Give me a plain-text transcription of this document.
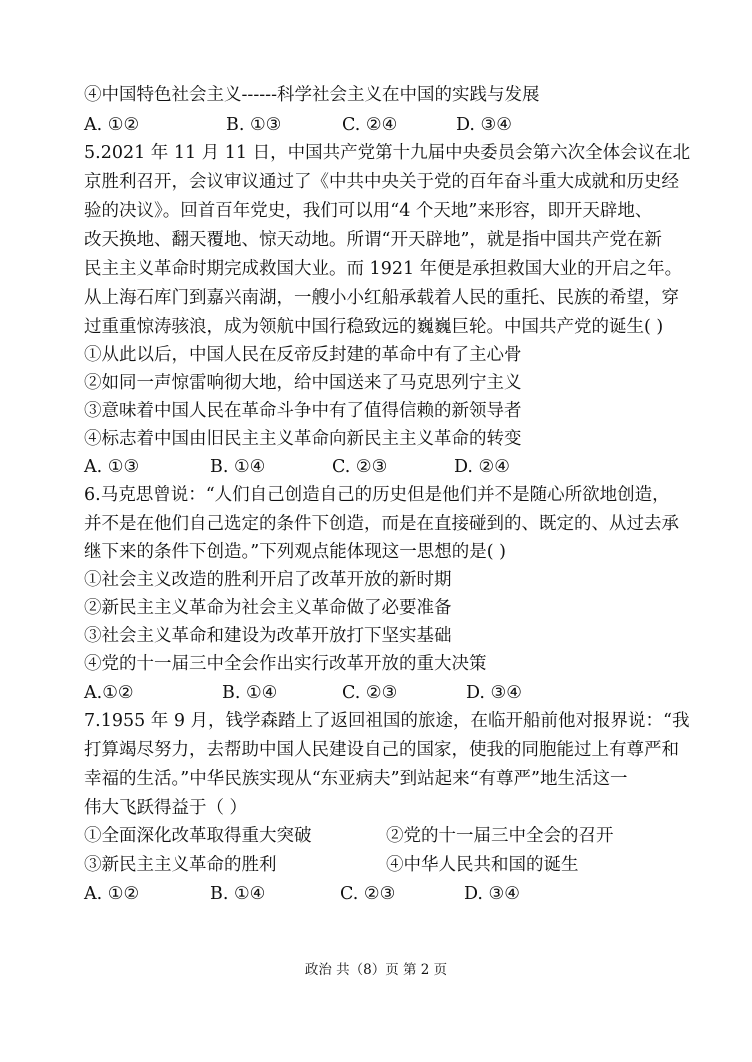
④中国特色社会主义------科学社会主义在中国的实践与发展
A. ①②	B. ①③	C. ②④	D. ③④
5.2021 年 11 月 11 日，中国共产党第十九届中央委员会第六次全体会议在北
京胜利召开，会议审议通过了《中共中央关于党的百年奋斗重大成就和历史经
验的决议》。回首百年党史，我们可以用“4 个天地”来形容，即开天辟地、
改天换地、翻天覆地、惊天动地。所谓“开天辟地”，就是指中国共产党在新
民主主义革命时期完成救国大业。而 1921 年便是承担救国大业的开启之年。
从上海石库门到嘉兴南湖，一艘小小红船承载着人民的重托、民族的希望，穿
过重重惊涛骇浪，成为领航中国行稳致远的巍巍巨轮。中国共产党的诞生( )
①从此以后，中国人民在反帝反封建的革命中有了主心骨
②如同一声惊雷响彻大地，给中国送来了马克思列宁主义
③意味着中国人民在革命斗争中有了值得信赖的新领导者
④标志着中国由旧民主主义革命向新民主主义革命的转变
A. ①③	B. ①④	C. ②③	D. ②④
6.马克思曾说：“人们自己创造自己的历史但是他们并不是随心所欲地创造，
并不是在他们自己选定的条件下创造，而是在直接碰到的、既定的、从过去承
继下来的条件下创造。”下列观点能体现这一思想的是( )
①社会主义改造的胜利开启了改革开放的新时期
②新民主主义革命为社会主义革命做了必要准备
③社会主义革命和建设为改革开放打下坚实基础
④党的十一届三中全会作出实行改革开放的重大决策
A.①②	B. ①④	C. ②③	D. ③④
7.1955 年 9 月，钱学森踏上了返回祖国的旅途，在临开船前他对报界说：“我
打算竭尽努力，去帮助中国人民建设自己的国家，使我的同胞能过上有尊严和
幸福的生活。”中华民族实现从“东亚病夫”到站起来“有尊严”地生活这一
伟大飞跃得益于（ ）
①全面深化改革取得重大突破	②党的十一届三中全会的召开
③新民主主义革命的胜利	④中华人民共和国的诞生
A. ①②	B. ①④	C. ②③	D. ③④
政治 共（8）页 第 2 页
